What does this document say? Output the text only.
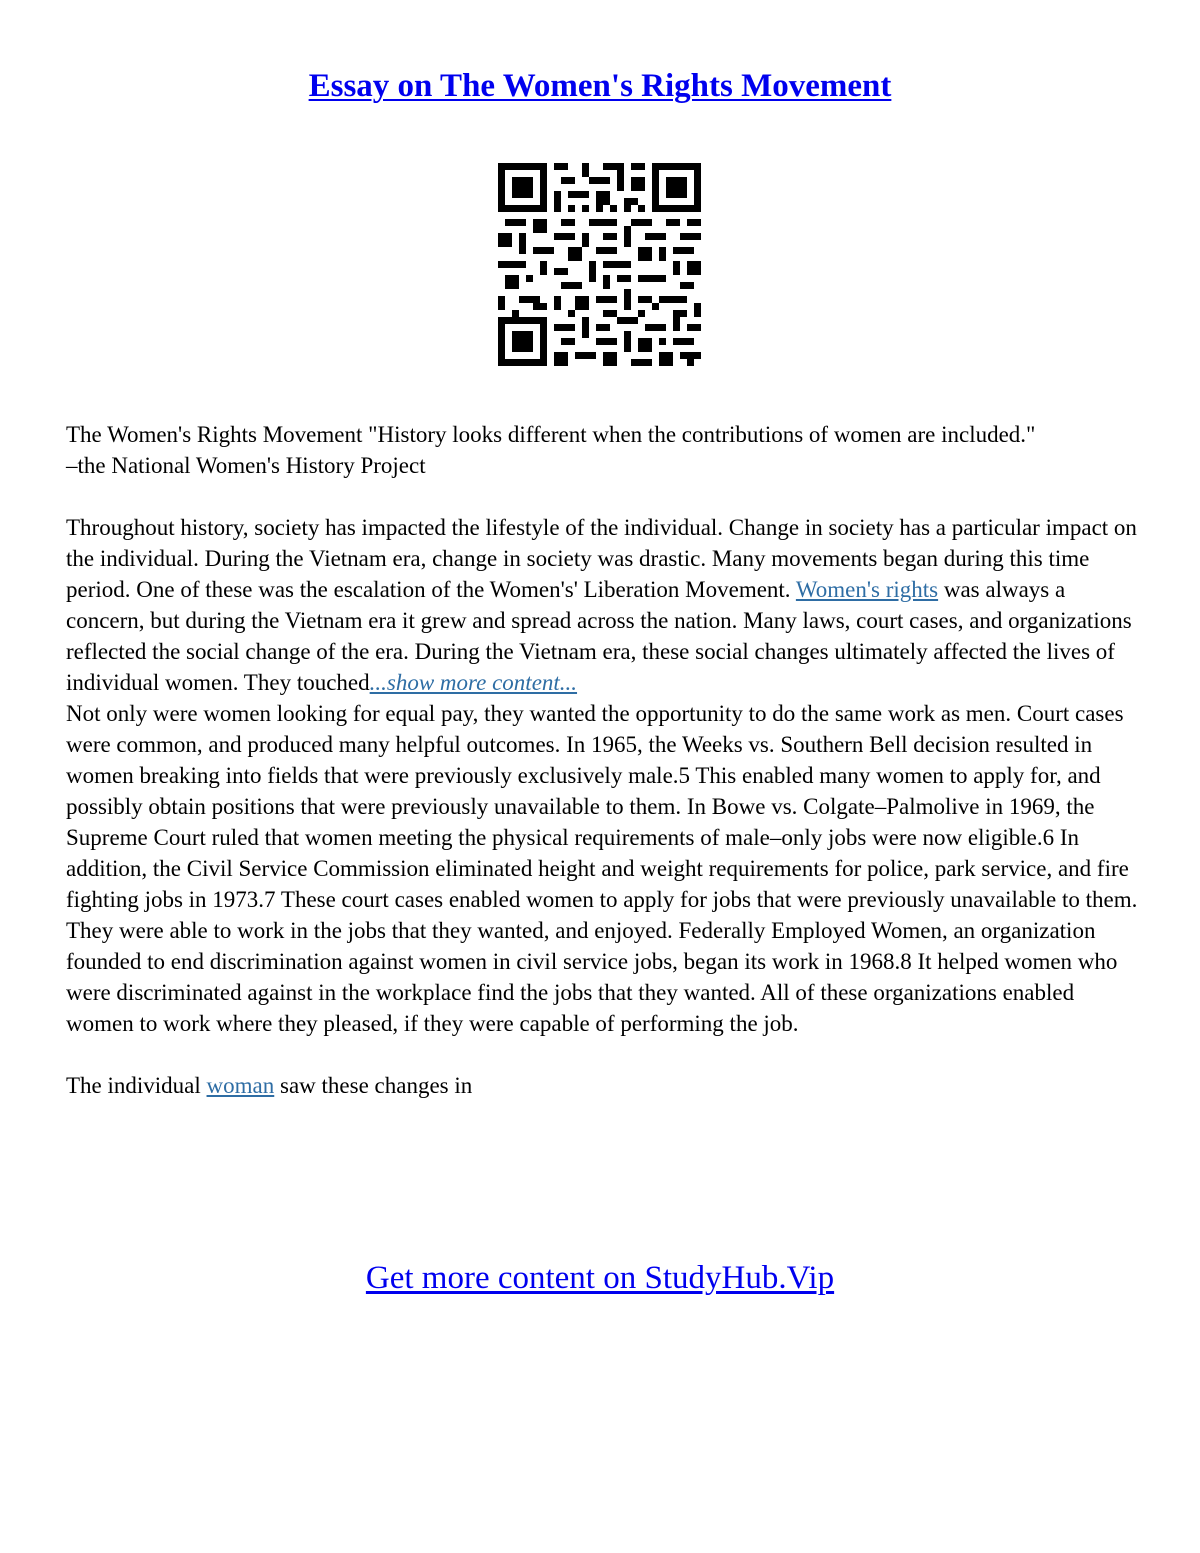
Essay on The Women's Rights Movement

The Women's Rights Movement "History looks different when the contributions of women are included."
–the National Women's History Project

Throughout history, society has impacted the lifestyle of the individual. Change in society has a particular impact on the individual. During the Vietnam era, change in society was drastic. Many movements began during this time period. One of these was the escalation of the Women's' Liberation Movement. Women's rights was always a concern, but during the Vietnam era it grew and spread across the nation. Many laws, court cases, and organizations reflected the social change of the era. During the Vietnam era, these social changes ultimately affected the lives of individual women. They touched...show more content...

Not only were women looking for equal pay, they wanted the opportunity to do the same work as men. Court cases were common, and produced many helpful outcomes. In 1965, the Weeks vs. Southern Bell decision resulted in women breaking into fields that were previously exclusively male.5 This enabled many women to apply for, and possibly obtain positions that were previously unavailable to them. In Bowe vs. Colgate–Palmolive in 1969, the Supreme Court ruled that women meeting the physical requirements of male–only jobs were now eligible.6 In addition, the Civil Service Commission eliminated height and weight requirements for police, park service, and fire fighting jobs in 1973.7 These court cases enabled women to apply for jobs that were previously unavailable to them. They were able to work in the jobs that they wanted, and enjoyed. Federally Employed Women, an organization founded to end discrimination against women in civil service jobs, began its work in 1968.8 It helped women who were discriminated against in the workplace find the jobs that they wanted. All of these organizations enabled women to work where they pleased, if they were capable of performing the job.

The individual woman saw these changes in

Get more content on StudyHub.Vip
